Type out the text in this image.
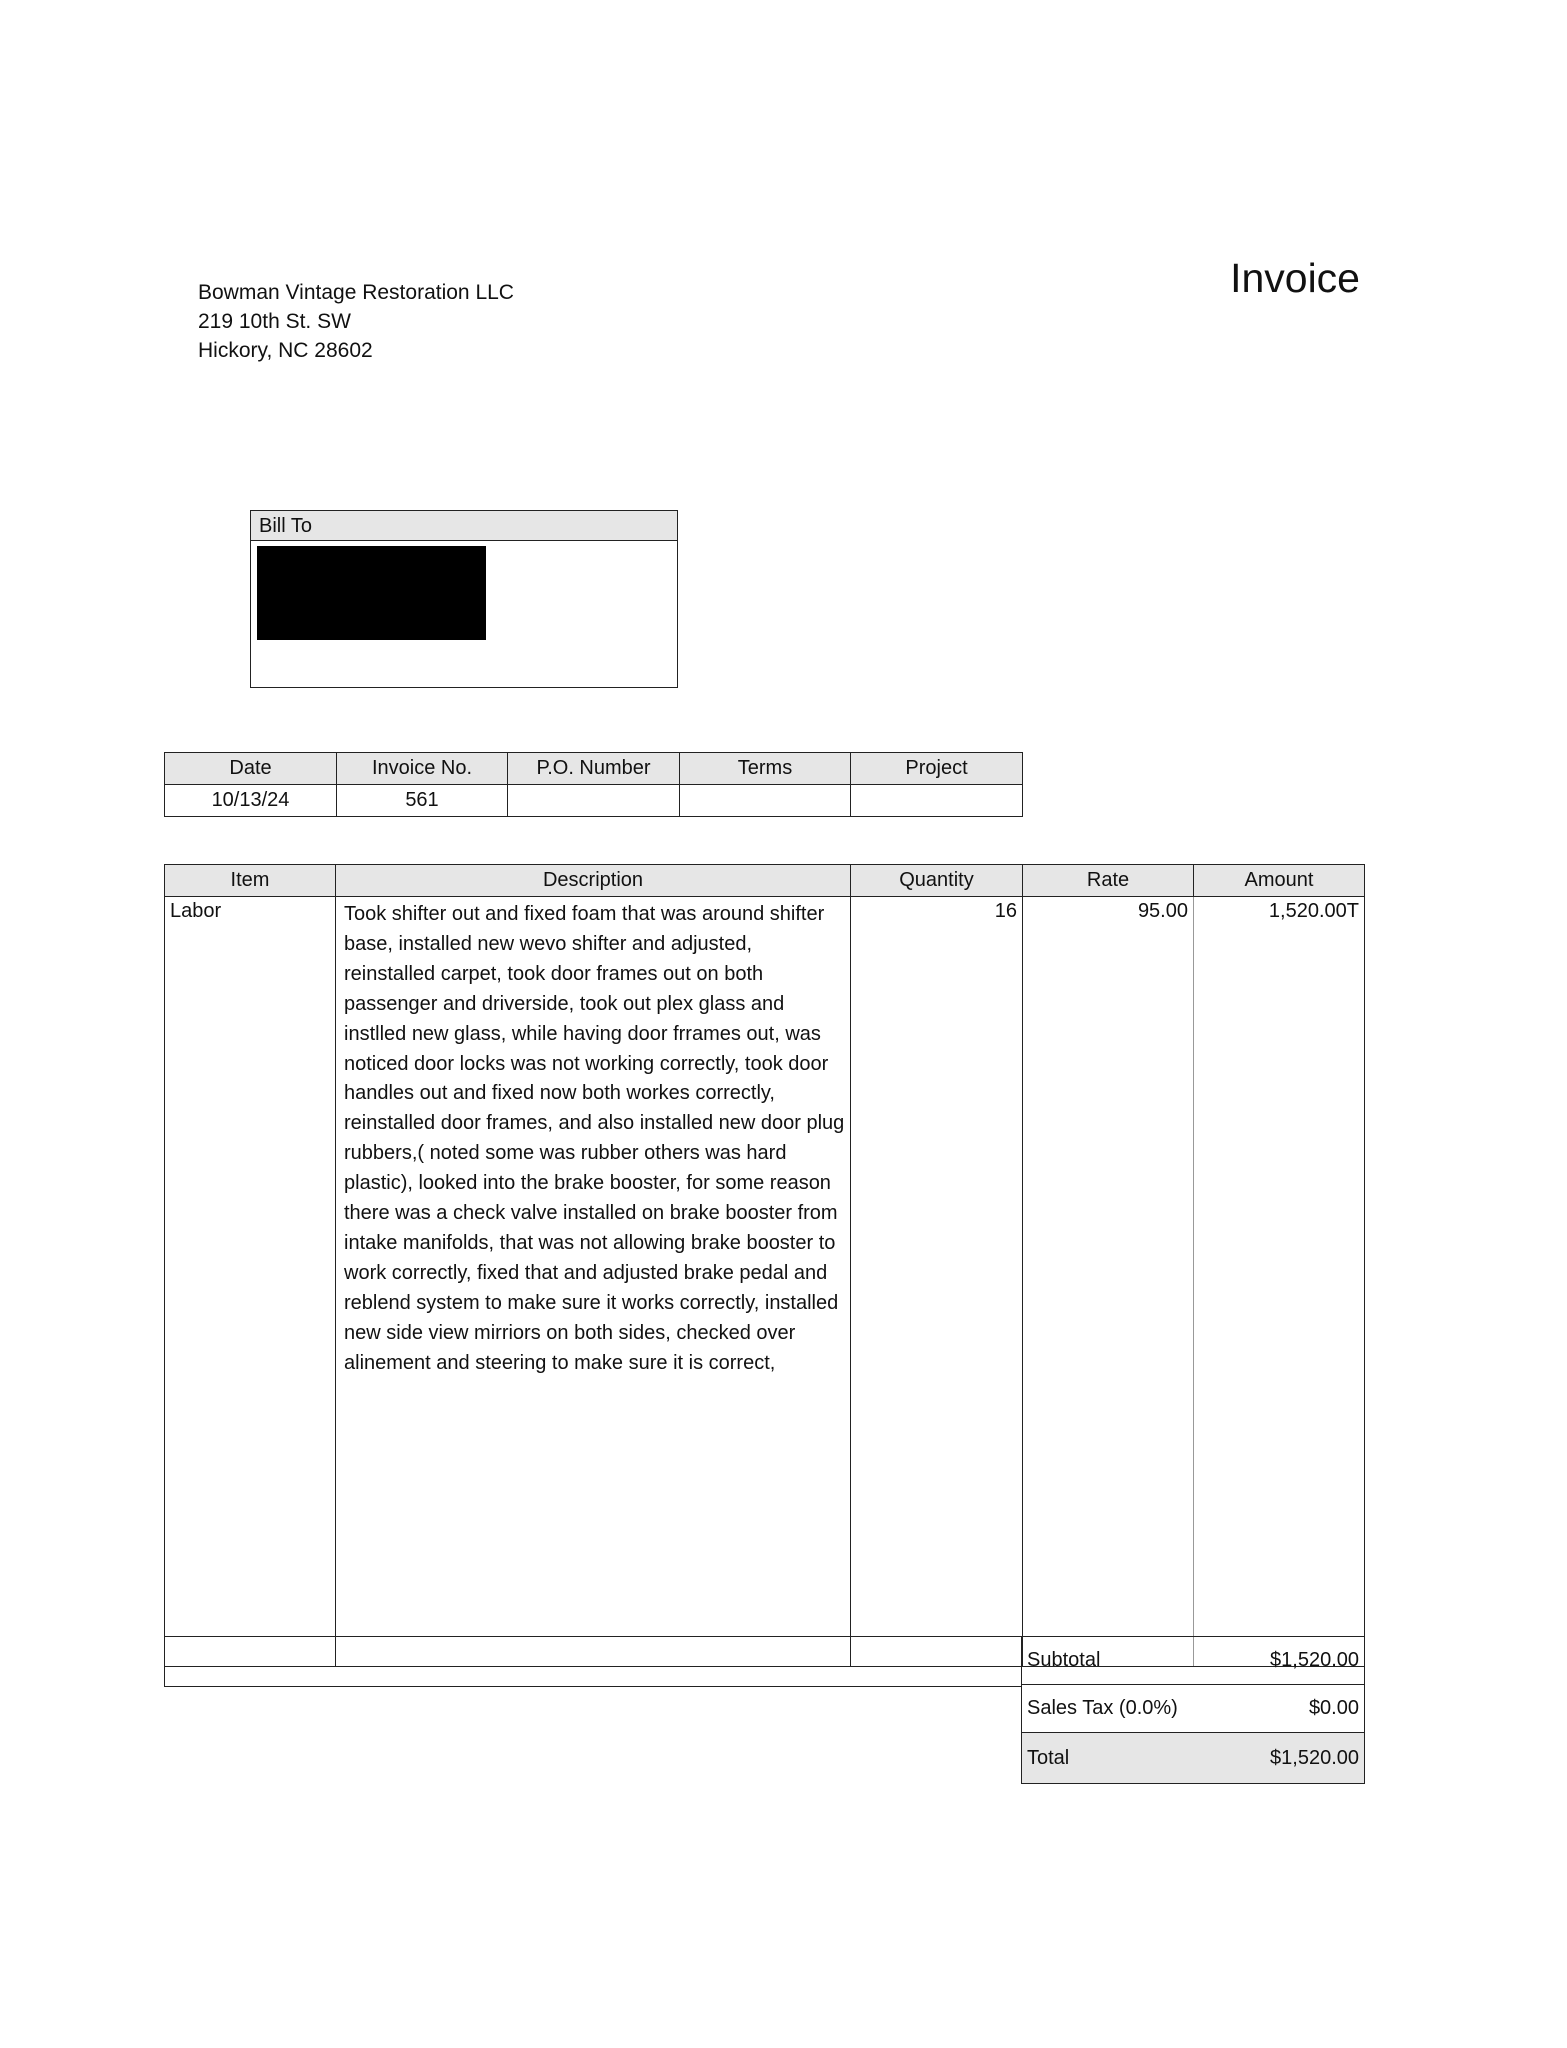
Bowman Vintage Restoration LLC
219 10th St. SW
Hickory, NC 28602
Invoice
Bill To
Date	Invoice No.	P.O. Number	Terms	Project
10/13/24	561			
Item	Description	Quantity	Rate	Amount
Labor	Took shifter out and fixed foam that was around shifter base, installed new wevo shifter and adjusted, reinstalled carpet, took door frames out on both passenger and driverside, took out plex glass and instlled new glass, while having door frrames out, was noticed door locks was not working correctly, took door handles out and fixed now both workes correctly, reinstalled door frames, and also installed new door plug rubbers,( noted some was rubber others was hard plastic), looked into the brake booster, for some reason there was a check valve installed on brake booster from intake manifolds, that was not allowing brake booster to work correctly, fixed that and adjusted brake pedal and reblend system to make sure it works correctly, installed new side view mirriors on both sides, checked over alinement and steering to make sure it is correct,	16	95.00	1,520.00T
Subtotal	$1,520.00
Sales Tax (0.0%)	$0.00
Total	$1,520.00
